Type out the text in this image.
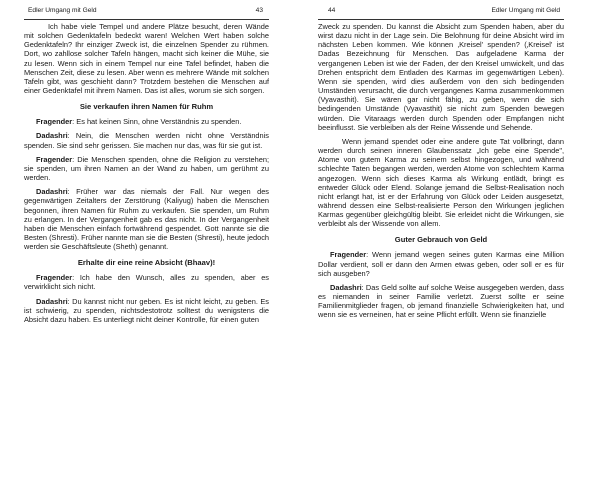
Edler Umgang mit Geld	43

Ich habe viele Tempel und andere Plätze besucht, deren Wände mit solchen Gedenktafeln bedeckt waren! Welchen Wert haben solche Gedenktafeln? Ihr einziger Zweck ist, die einzelnen Spender zu rühmen. Dort, wo zahllose solcher Tafeln hängen, macht sich keiner die Mühe, sie zu lesen. Wenn sich in einem Tempel nur eine Tafel befindet, haben die Menschen Zeit, diese zu lesen. Aber wenn es mehrere Wände mit solchen Tafeln gibt, was geschieht dann? Trotzdem bestehen die Menschen auf einer Gedenktafel mit ihrem Namen. Das ist alles, worum sie sich sorgen.

Sie verkaufen ihren Namen für Ruhm

Fragender: Es hat keinen Sinn, ohne Verständnis zu spenden.

Dadashri: Nein, die Menschen werden nicht ohne Verständnis spenden. Sie sind sehr gerissen. Sie machen nur das, was für sie gut ist.

Fragender: Die Menschen spenden, ohne die Religion zu verstehen; sie spenden, um ihren Namen an der Wand zu haben, um gerühmt zu werden.

Dadashri: Früher war das niemals der Fall. Nur wegen des gegenwärtigen Zeitalters der Zerstörung (Kaliyug) haben die Menschen begonnen, ihren Namen für Ruhm zu verkaufen. Sie spenden, um Ruhm zu erlangen. In der Vergangenheit gab es das nicht. In der Vergangenheit haben die Menschen einfach fortwährend gespendet. Gott nannte sie die Besten (Shresti). Früher nannte man sie die Besten (Shresti), heute jedoch werden sie Geschäftsleute (Sheth) genannt.

Erhalte dir eine reine Absicht (Bhaav)!

Fragender: Ich habe den Wunsch, alles zu spenden, aber es verwirklicht sich nicht.

Dadashri: Du kannst nicht nur geben. Es ist nicht leicht, zu geben. Es ist schwierig, zu spenden, nichtsdestotrotz solltest du wenigstens die Absicht dazu haben. Es unterliegt nicht deiner Kontrolle, für einen guten

44	Edler Umgang mit Geld

Zweck zu spenden. Du kannst die Absicht zum Spenden haben, aber du wirst dazu nicht in der Lage sein. Die Belohnung für deine Absicht wird im nächsten Leben kommen. Wie können ‚Kreisel' spenden? (‚Kreisel' ist Dadas Bezeichnung für Menschen. Das aufgeladene Karma der vergangenen Leben ist wie der Faden, der den Kreisel umwickelt, und das Drehen entspricht dem Entladen des Karmas im gegenwärtigen Leben). Wenn sie spenden, wird dies außerdem von den sich bedingenden Umständen verursacht, die durch vergangenes Karma zusammenkommen (Vyavasthit). Sie wären gar nicht fähig, zu geben, wenn die sich bedingenden Umstände (Vyavasthit) sie nicht zum Spenden bewegen würden. Die Vitaraags werden durch Spenden oder Empfangen nicht beeinflusst. Sie verbleiben als der Reine Wissende und Sehende.

Wenn jemand spendet oder eine andere gute Tat vollbringt, dann werden durch seinen inneren Glaubenssatz „Ich gebe eine Spende", Atome von gutem Karma zu seinem selbst hingezogen, und während schlechte Taten begangen werden, werden Atome von schlechtem Karma angezogen. Wenn sich dieses Karma als Wirkung entlädt, bringt es entweder Glück oder Elend. Solange jemand die Selbst-Realisation noch nicht erlangt hat, ist er der Erfahrung von Glück oder Leiden ausgesetzt, während dessen eine Selbst-realisierte Person den Wirkungen jeglichen Karmas gegenüber gleichgültig bleibt. Sie erleidet nicht die Wirkungen, sie verbleibt als der Wissende von allem.

Guter Gebrauch von Geld

Fragender: Wenn jemand wegen seines guten Karmas eine Million Dollar verdient, soll er dann den Armen etwas geben, oder soll er es für sich ausgeben?

Dadashri: Das Geld sollte auf solche Weise ausgegeben werden, dass es niemanden in seiner Familie verletzt. Zuerst sollte er seine Familienmitglieder fragen, ob jemand finanzielle Schwierigkeiten hat, und wenn sie es verneinen, hat er seine Pflicht erfüllt. Wenn sie finanzielle
